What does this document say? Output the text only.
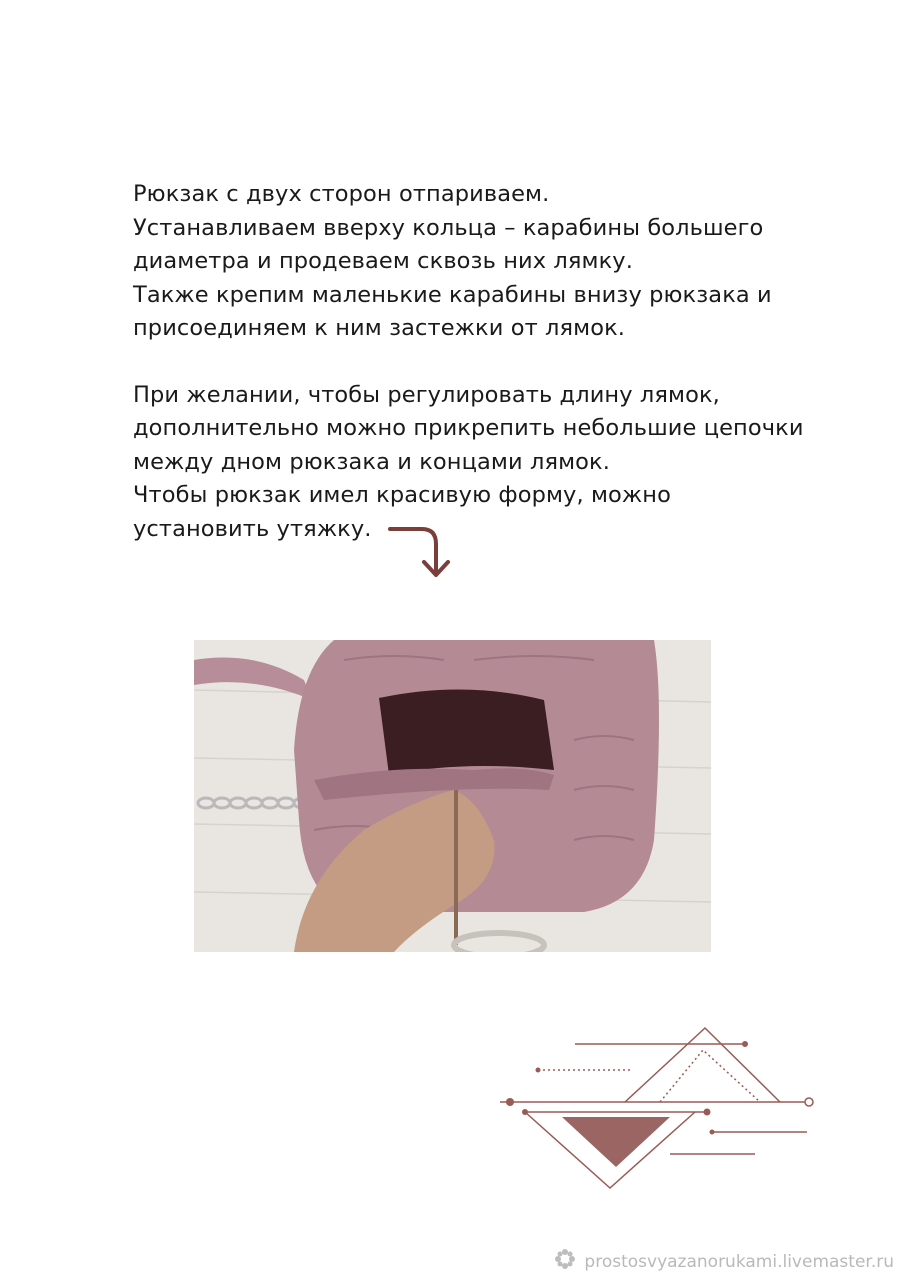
Рюкзак с двух сторон отпариваем.

Устанавливаем вверху кольца – карабины большего

диаметра и продеваем сквозь них лямку.

Также крепим маленькие карабины внизу рюкзака и

присоединяем к ним застежки от лямок.

При желании, чтобы регулировать длину лямок,

дополнительно можно прикрепить небольшие цепочки

между дном рюкзака и концами лямок.

Чтобы рюкзак имел красивую форму, можно

установить утяжку.

prostosvyazanorukami.livemaster.ru
